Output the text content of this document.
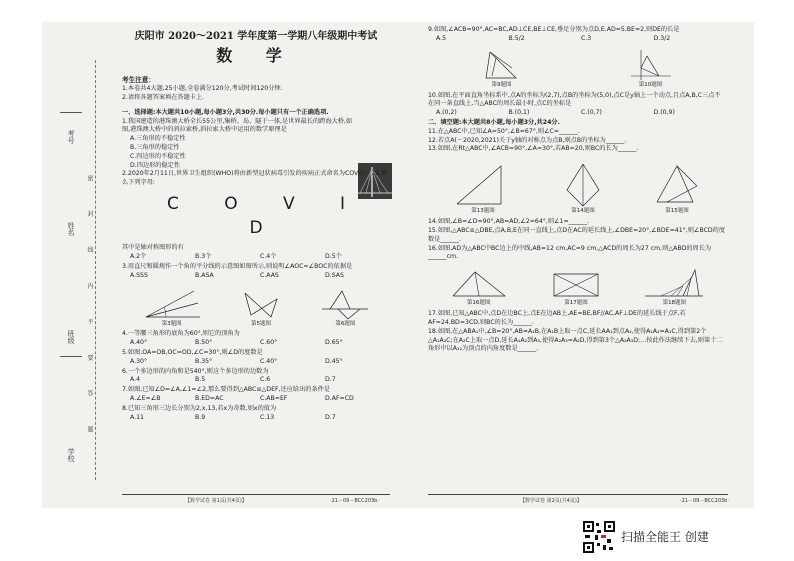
考号
姓名
班级
学校
密 封 线 内 不 要 答 题
庆阳市 2020～2021 学年度第一学期八年级期中考试
数 学
考生注意：
1.本卷共4大题,25小题,全卷满分120分,考试时间120分钟.
2.请将各题答案填在答题卡上.
一、选择题:本大题共10小题,每小题3分,共30分.每小题只有一个正确选项.
1.我国建造的港珠澳大桥全长55公里,集桥、岛、隧于一体,是世界最长的跨海大桥,如图,港珠澳大桥中的斜拉索桥,斜拉索大桥中运用的数学原理是
A.三角形的不稳定性
B.三角形的稳定性
C.四边形的不稳定性
D.四边形的稳定性
2.2020年2月11日,世界卫生组织(WHO)将由新型冠状病毒引发的疾病正式命名为COVID－19,那么下列字母:
C O V I D
其中是轴对称图形的有
A.2个	B.3个	C.4个	D.5个
3.用直尺和圆规作一个角的平分线的示意图如图所示,则说明∠AOC=∠BOC的依据是
A.SSS	B.ASA	C.AAS	D.SAS
第3题图	第5题图	第6题图
4.一等腰三角形的底角为60°,则它的顶角为
A.40°	B.50°	C.60°	D.65°
5.如图,OA=OB,OC=OD,∠C=30°,则∠D的度数是
A.30°	B.35°	C.40°	D.45°
6.一个多边形的内角和是540°,则这个多边形的边数为
A.4	B.5	C.6	D.7
7.如图,已知∠D=∠A,∠1=∠2,那么要得到△ABC≌△DEF,还应给出的条件是
A.∠E=∠B	B.ED=AC	C.AB=EF	D.AF=CD
8.已知三角形三边长分别为2,x,13,若x为奇数,则x的值为
A.11	B.9	C.13	D.7
【数学试卷 第1页(共4页)】	·21－09－BCC203b·
9.如图,∠ACB=90°,AC=BC,AD⊥CE,BE⊥CE,垂足分别为点D,E.AD=5,BE=2,则DE的长是
A.5	B.5/2	C.3	D.3/2
第9题图	第10题图
10.如图,在平面直角坐标系中,点A的坐标为(2,7),点B的坐标为(5,0),点C是y轴上一个动点,且点A,B,C三点不在同一条直线上,当△ABC的周长最小时,点C的坐标是
A.(0,2)	B.(0,1)	C.(0,7)	D.(0,9)
二、填空题:本大题共8小题,每小题3分,共24分.
11.在△ABC中,已知∠A=50°,∠B=67°,则∠C=______.
12.若点A(－2020,2021)关于y轴的对称点为点B,则点B的坐标为______.
13.如图,在Rt△ABC中,∠ACB=90°,∠A=30°,若AB=20,则BC的长为______.
第13题图	第14题图	第15题图
14.如图,∠B=∠D=90°,AB=AD,∠2=64°,则∠1=______.
15.如图,△ABC≌△DBE,点A,B,E在同一直线上,点D在AC的延长线上,∠DBE=20°,∠BDE=41°,则∠BCD的度数是______.
16.如图,AD为△ABC中BC边上的中线,AB=12 cm,AC=9 cm,△ACD的周长为27 cm,则△ABD的周长为______cm.
第16题图	第17题图	第18题图
17.如图,已知△ABC中,点D在边BC上,点E在边AB上,AE=BE,BF//AC,AF⊥DE的延长线于点F,若AF=24,BD=3CD,则BC的长为______.
18.如图,在△ABA₁中,∠B=20°,AB=A₁B,在A₁B上取一点C,延长AA₁到点A₂,使得A₁A₂=A₁C,得到第2个△A₁A₂C;在A₂C上取一点D,延长A₁A₂到A₃,使得A₂A₃=A₂D,得到第3个△A₂A₃D;…按此作法继续下去,则第十二角形中以A₁₂为顶点的内角度数是______.
【数学试卷 第2页(共4页)】	·21－09－BCC203b·
扫描全能王 创建
